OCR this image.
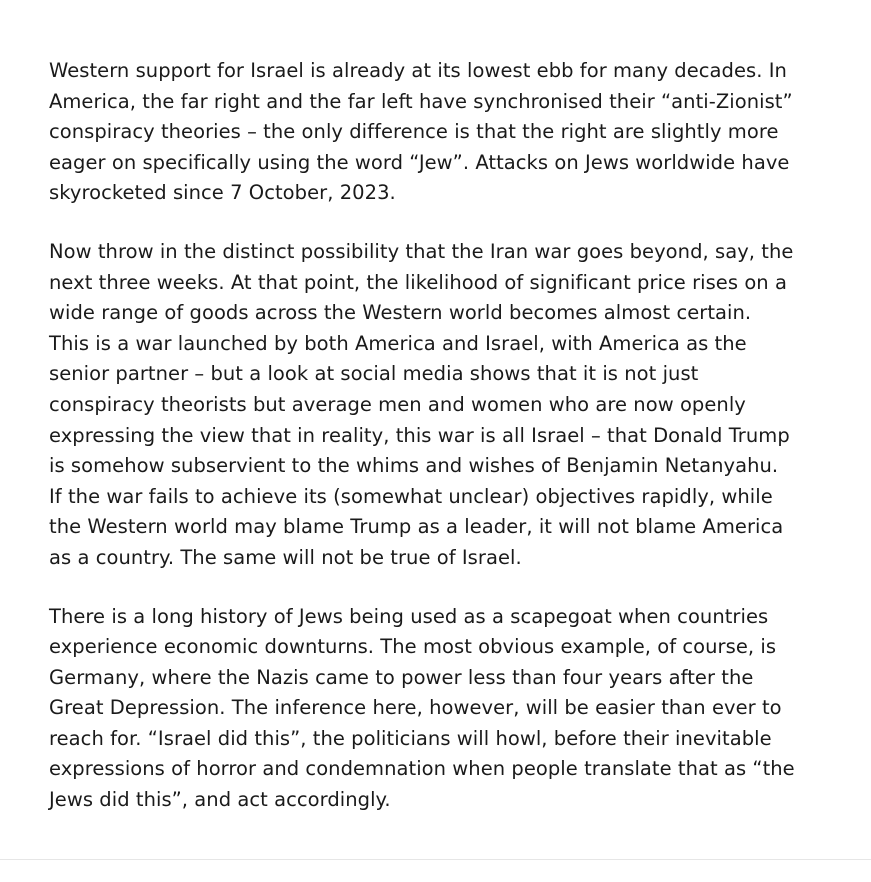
Western support for Israel is already at its lowest ebb for many decades. In America, the far right and the far left have synchronised their “anti-Zionist” conspiracy theories – the only difference is that the right are slightly more eager on specifically using the word “Jew”. Attacks on Jews worldwide have skyrocketed since 7 October, 2023.

Now throw in the distinct possibility that the Iran war goes beyond, say, the next three weeks. At that point, the likelihood of significant price rises on a wide range of goods across the Western world becomes almost certain. This is a war launched by both America and Israel, with America as the senior partner – but a look at social media shows that it is not just conspiracy theorists but average men and women who are now openly expressing the view that in reality, this war is all Israel – that Donald Trump is somehow subservient to the whims and wishes of Benjamin Netanyahu. If the war fails to achieve its (somewhat unclear) objectives rapidly, while the Western world may blame Trump as a leader, it will not blame America as a country. The same will not be true of Israel.

There is a long history of Jews being used as a scapegoat when countries experience economic downturns. The most obvious example, of course, is Germany, where the Nazis came to power less than four years after the Great Depression. The inference here, however, will be easier than ever to reach for. “Israel did this”, the politicians will howl, before their inevitable expressions of horror and condemnation when people translate that as “the Jews did this”, and act accordingly.
